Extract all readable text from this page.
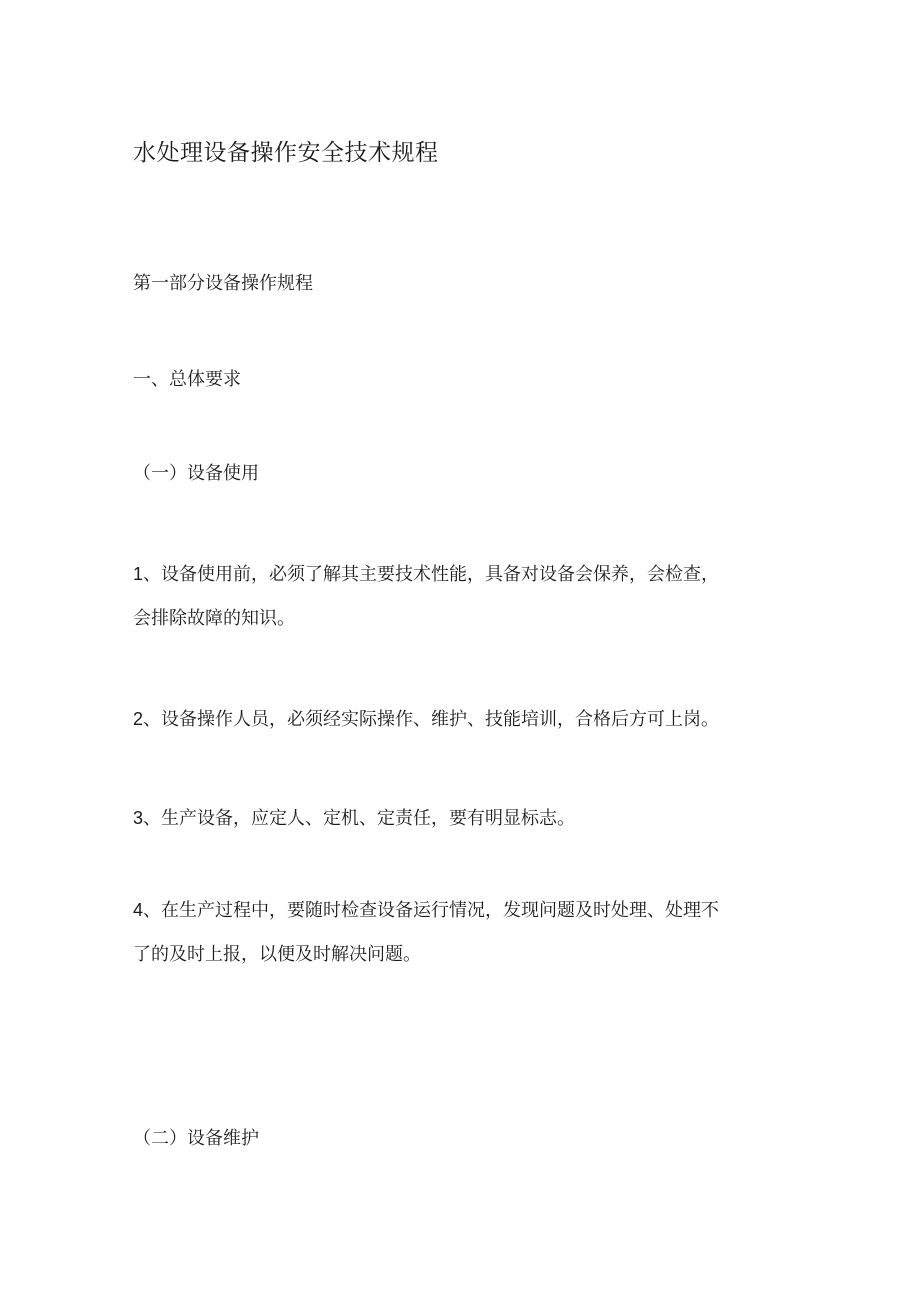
水处理设备操作安全技术规程
第一部分设备操作规程
一、总体要求
（一）设备使用
1、设备使用前，必须了解其主要技术性能，具备对设备会保养，会检查，
会排除故障的知识。
2、设备操作人员，必须经实际操作、维护、技能培训，合格后方可上岗。
3、生产设备，应定人、定机、定责任，要有明显标志。
4、在生产过程中，要随时检查设备运行情况，发现问题及时处理、处理不
了的及时上报，以便及时解决问题。
（二）设备维护
